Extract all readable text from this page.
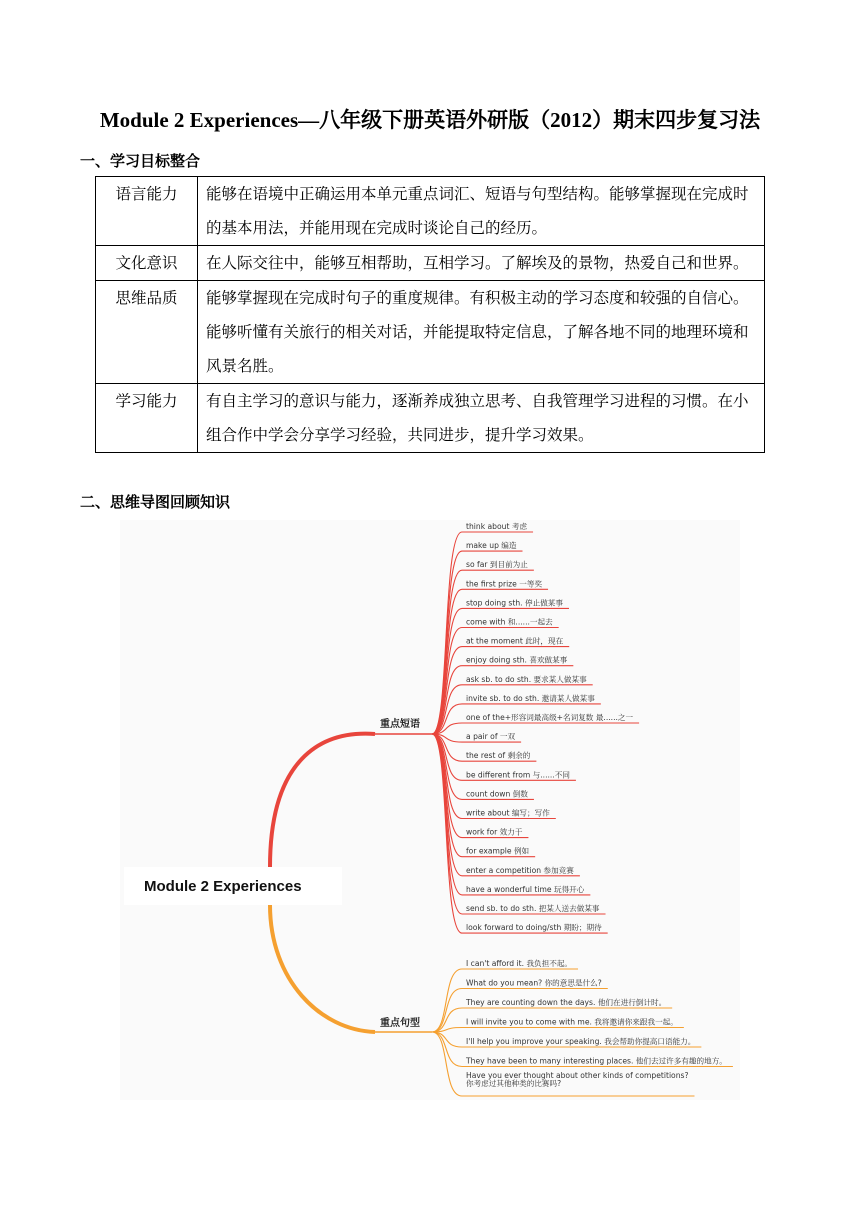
Module 2 Experiences—八年级下册英语外研版（2012）期末四步复习法
一、学习目标整合
语言能力	能够在语境中正确运用本单元重点词汇、短语与句型结构。能够掌握现在完成时的基本用法，并能用现在完成时谈论自己的经历。
文化意识	在人际交往中，能够互相帮助，互相学习。了解埃及的景物，热爱自己和世界。
思维品质	能够掌握现在完成时句子的重度规律。有积极主动的学习态度和较强的自信心。能够听懂有关旅行的相关对话，并能提取特定信息，了解各地不同的地理环境和风景名胜。
学习能力	有自主学习的意识与能力，逐渐养成独立思考、自我管理学习进程的习惯。在小组合作中学会分享学习经验，共同进步，提升学习效果。
二、思维导图回顾知识
Module 2 Experiences
重点短语
重点句型
think about 考虑
make up 编造
so far 到目前为止
the first prize 一等奖
stop doing sth. 停止做某事
come with 和......一起去
at the moment 此时，现在
enjoy doing sth. 喜欢做某事
ask sb. to do sth. 要求某人做某事
invite sb. to do sth. 邀请某人做某事
one of the+形容词最高级+名词复数 最......之一
a pair of 一双
the rest of 剩余的
be different from 与......不同
count down 倒数
write about 编写；写作
work for 效力于
for example 例如
enter a competition 参加竞赛
have a wonderful time 玩得开心
send sb. to do sth. 把某人送去做某事
look forward to doing/sth 期盼；期待
I can't afford it. 我负担不起。
What do you mean? 你的意思是什么?
They are counting down the days. 他们在进行倒计时。
I will invite you to come with me. 我将邀请你来跟我一起。
I'll help you improve your speaking. 我会帮助你提高口语能力。
They have been to many interesting places. 他们去过许多有趣的地方。
Have you ever thought about other kinds of competitions?
你考虑过其他种类的比赛吗?
